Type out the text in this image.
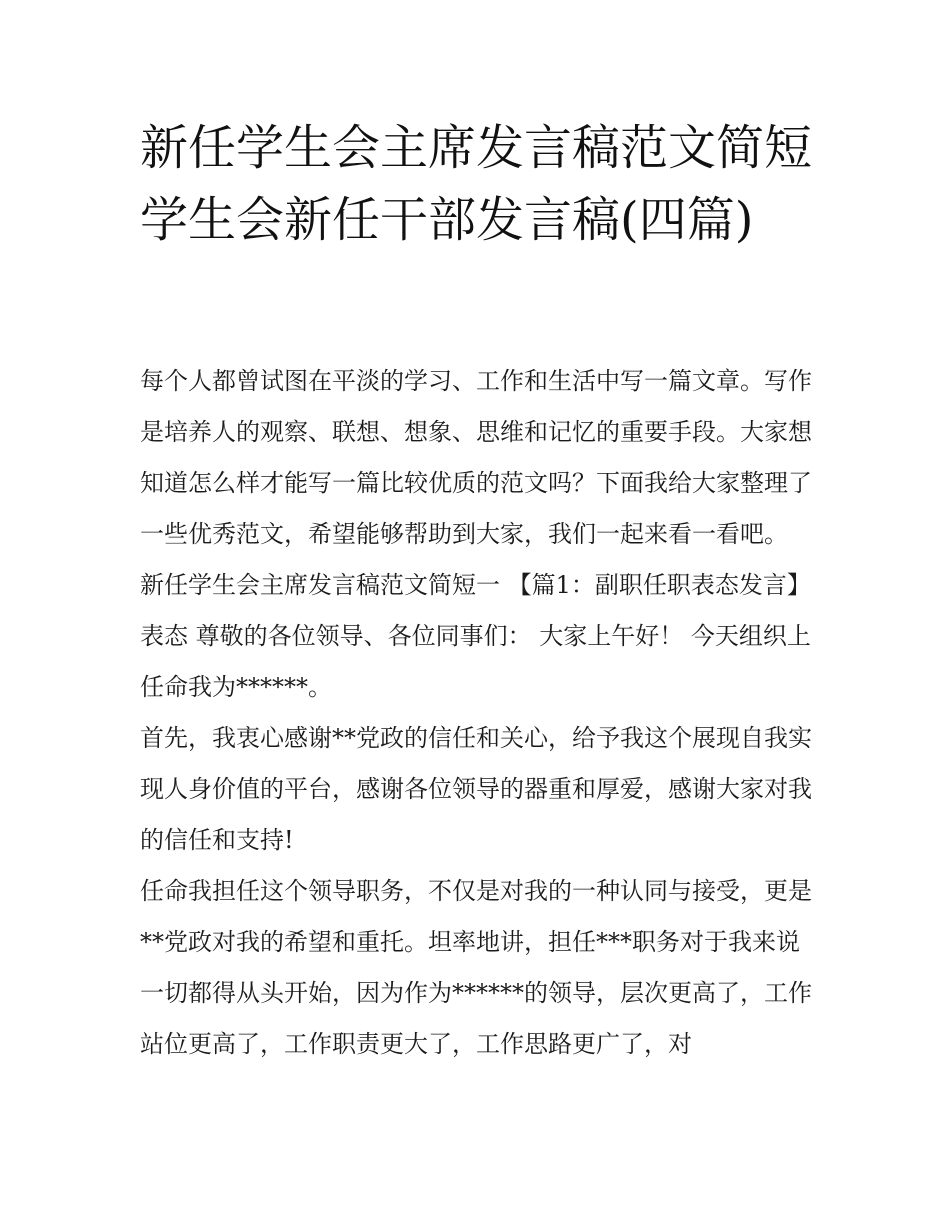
新任学生会主席发言稿范文简短 学生会新任干部发言稿(四篇)

每个人都曾试图在平淡的学习、工作和生活中写一篇文章。写作是培养人的观察、联想、想象、思维和记忆的重要手段。大家想知道怎么样才能写一篇比较优质的范文吗？下面我给大家整理了一些优秀范文，希望能够帮助到大家，我们一起来看一看吧。

新任学生会主席发言稿范文简短一 【篇1：副职任职表态发言】 表态 尊敬的各位领导、各位同事们： 大家上午好！ 今天组织上任命我为******。

首先，我衷心感谢**党政的信任和关心，给予我这个展现自我实现人身价值的平台，感谢各位领导的器重和厚爱，感谢大家对我的信任和支持!

任命我担任这个领导职务，不仅是对我的一种认同与接受，更是**党政对我的希望和重托。坦率地讲，担任***职务对于我来说一切都得从头开始，因为作为******的领导，层次更高了，工作站位更高了，工作职责更大了，工作思路更广了，对
